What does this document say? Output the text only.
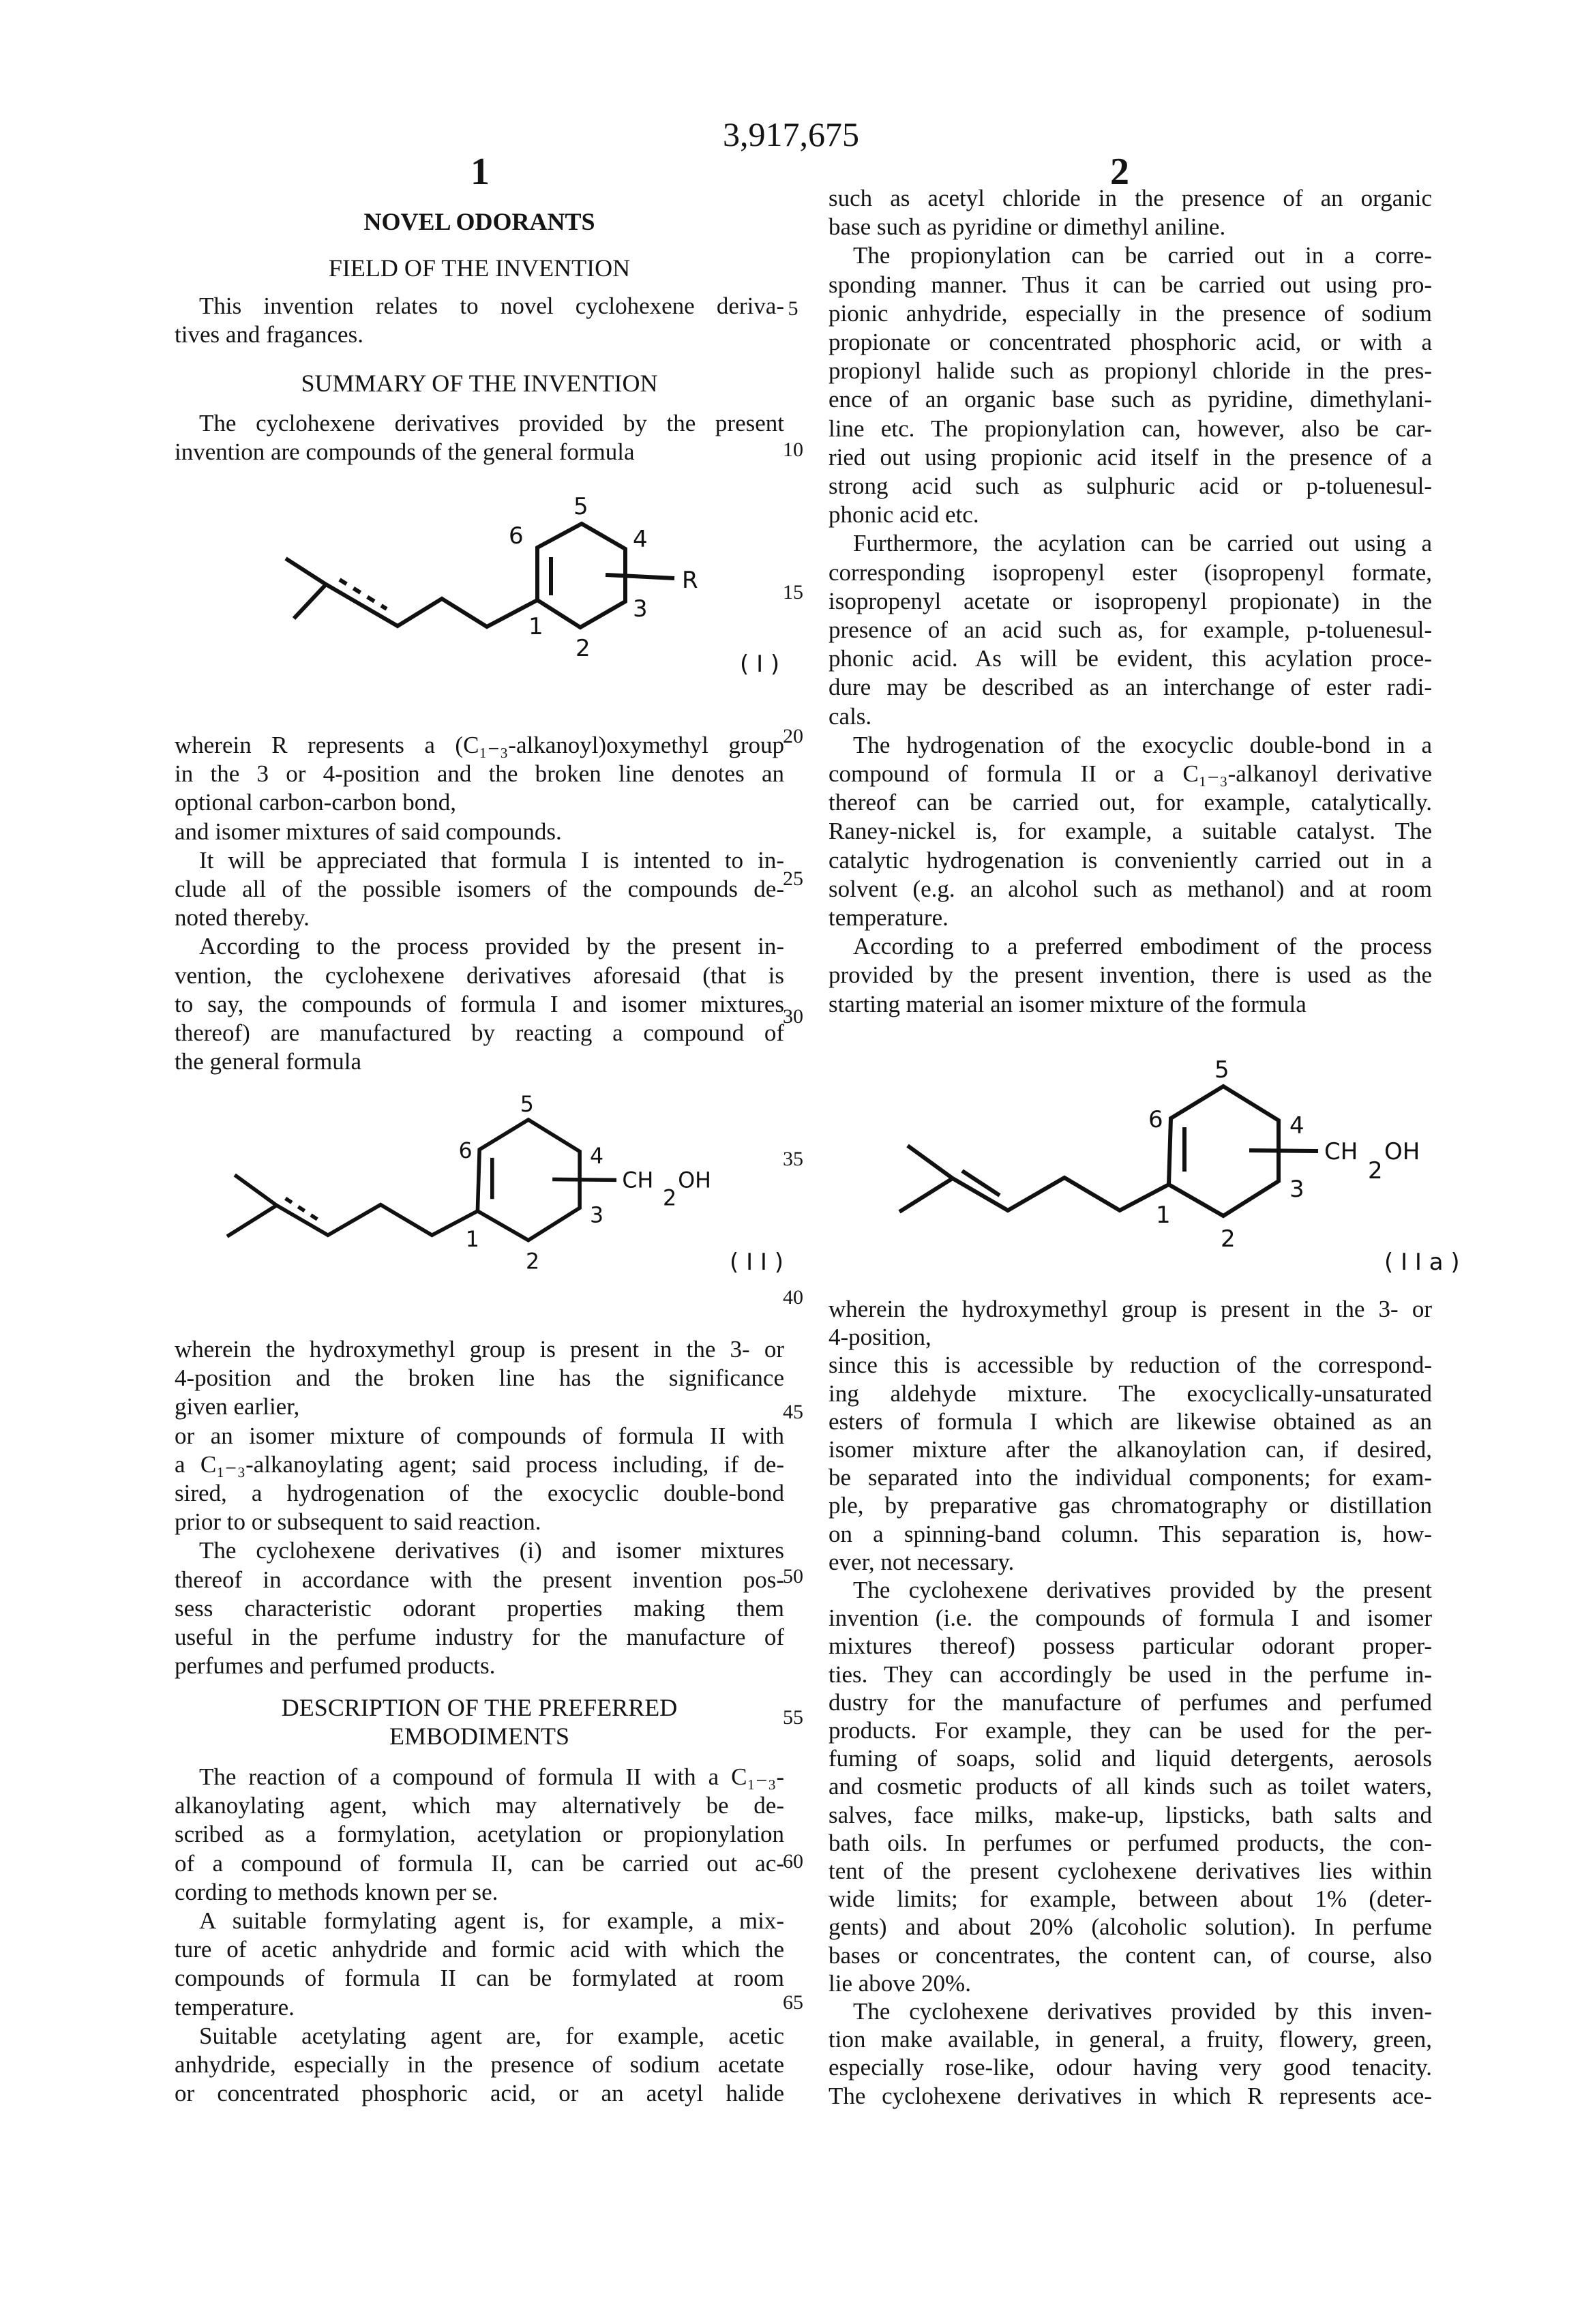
3,917,675
1	2
NOVEL ODORANTS
FIELD OF THE INVENTION
This invention relates to novel cyclohexene deriva-
tives and fragances.
SUMMARY OF THE INVENTION
The cyclohexene derivatives provided by the present
invention are compounds of the general formula
wherein R represents a (C₁₋₃-alkanoyl)oxymethyl group
in the 3 or 4-position and the broken line denotes an
optional carbon-carbon bond,
and isomer mixtures of said compounds.
It will be appreciated that formula I is intented to in-
clude all of the possible isomers of the compounds de-
noted thereby.
According to the process provided by the present in-
vention, the cyclohexene derivatives aforesaid (that is
to say, the compounds of formula I and isomer mixtures
thereof) are manufactured by reacting a compound of
the general formula
wherein the hydroxymethyl group is present in the 3- or
4-position and the broken line has the significance
given earlier,
or an isomer mixture of compounds of formula II with
a C₁₋₃-alkanoylating agent; said process including, if de-
sired, a hydrogenation of the exocyclic double-bond
prior to or subsequent to said reaction.
The cyclohexene derivatives (i) and isomer mixtures
thereof in accordance with the present invention pos-
sess characteristic odorant properties making them
useful in the perfume industry for the manufacture of
perfumes and perfumed products.
DESCRIPTION OF THE PREFERRED
EMBODIMENTS
The reaction of a compound of formula II with a C₁₋₃-
alkanoylating agent, which may alternatively be de-
scribed as a formylation, acetylation or propionylation
of a compound of formula II, can be carried out ac-
cording to methods known per se.
A suitable formylating agent is, for example, a mix-
ture of acetic anhydride and formic acid with which the
compounds of formula II can be formylated at room
temperature.
Suitable acetylating agent are, for example, acetic
anhydride, especially in the presence of sodium acetate
or concentrated phosphoric acid, or an acetyl halide
such as acetyl chloride in the presence of an organic
base such as pyridine or dimethyl aniline.
The propionylation can be carried out in a corre-
sponding manner. Thus it can be carried out using pro-
pionic anhydride, especially in the presence of sodium
propionate or concentrated phosphoric acid, or with a
propionyl halide such as propionyl chloride in the pres-
ence of an organic base such as pyridine, dimethylani-
line etc. The propionylation can, however, also be car-
ried out using propionic acid itself in the presence of a
strong acid such as sulphuric acid or p-toluenesul-
phonic acid etc.
Furthermore, the acylation can be carried out using a
corresponding isopropenyl ester (isopropenyl formate,
isopropenyl acetate or isopropenyl propionate) in the
presence of an acid such as, for example, p-toluenesul-
phonic acid. As will be evident, this acylation proce-
dure may be described as an interchange of ester radi-
cals.
The hydrogenation of the exocyclic double-bond in a
compound of formula II or a C₁₋₃-alkanoyl derivative
thereof can be carried out, for example, catalytically.
Raney-nickel is, for example, a suitable catalyst. The
catalytic hydrogenation is conveniently carried out in a
solvent (e.g. an alcohol such as methanol) and at room
temperature.
According to a preferred embodiment of the process
provided by the present invention, there is used as the
starting material an isomer mixture of the formula
wherein the hydroxymethyl group is present in the 3- or
4-position,
since this is accessible by reduction of the correspond-
ing aldehyde mixture. The exocyclically-unsaturated
esters of formula I which are likewise obtained as an
isomer mixture after the alkanoylation can, if desired,
be separated into the individual components; for exam-
ple, by preparative gas chromatography or distillation
on a spinning-band column. This separation is, how-
ever, not necessary.
The cyclohexene derivatives provided by the present
invention (i.e. the compounds of formula I and isomer
mixtures thereof) possess particular odorant proper-
ties. They can accordingly be used in the perfume in-
dustry for the manufacture of perfumes and perfumed
products. For example, they can be used for the per-
fuming of soaps, solid and liquid detergents, aerosols
and cosmetic products of all kinds such as toilet waters,
salves, face milks, make-up, lipsticks, bath salts and
bath oils. In perfumes or perfumed products, the con-
tent of the present cyclohexene derivatives lies within
wide limits; for example, between about 1% (deter-
gents) and about 20% (alcoholic solution). In perfume
bases or concentrates, the content can, of course, also
lie above 20%.
The cyclohexene derivatives provided by this inven-
tion make available, in general, a fruity, flowery, green,
especially rose-like, odour having very good tenacity.
The cyclohexene derivatives in which R represents ace-
5
10
15
20
25
30
35
40
45
50
55
60
65
1
2
3
4
5
6
R
( I )
1
2
3
4
5
6
CH
2
OH
( I I )
1
2
3
4
5
6
CH
2
OH
( I I a )
